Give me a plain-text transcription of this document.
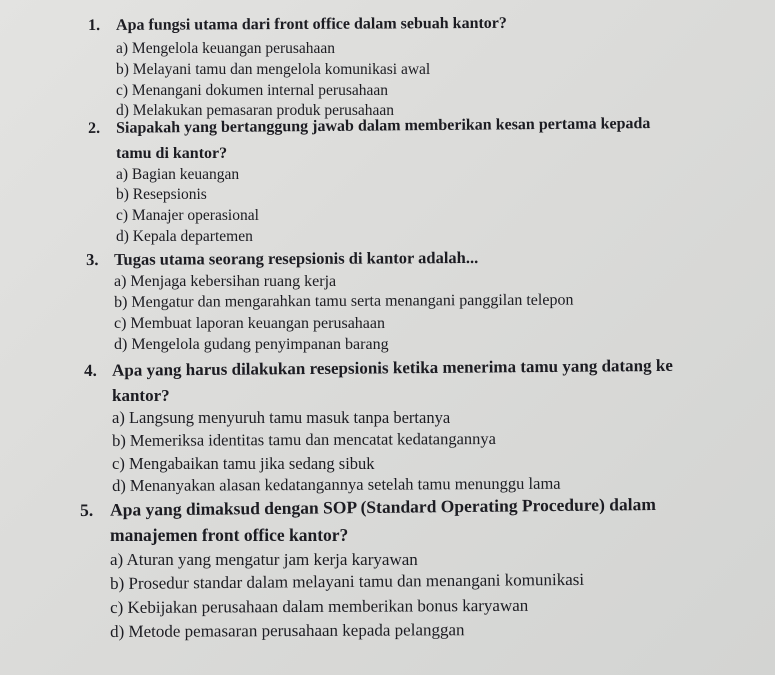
1. Apa fungsi utama dari front office dalam sebuah kantor?
a) Mengelola keuangan perusahaan
b) Melayani tamu dan mengelola komunikasi awal
c) Menangani dokumen internal perusahaan
d) Melakukan pemasaran produk perusahaan
2. Siapakah yang bertanggung jawab dalam memberikan kesan pertama kepada
tamu di kantor?
a) Bagian keuangan
b) Resepsionis
c) Manajer operasional
d) Kepala departemen
3. Tugas utama seorang resepsionis di kantor adalah...
a) Menjaga kebersihan ruang kerja
b) Mengatur dan mengarahkan tamu serta menangani panggilan telepon
c) Membuat laporan keuangan perusahaan
d) Mengelola gudang penyimpanan barang
4. Apa yang harus dilakukan resepsionis ketika menerima tamu yang datang ke
kantor?
a) Langsung menyuruh tamu masuk tanpa bertanya
b) Memeriksa identitas tamu dan mencatat kedatangannya
c) Mengabaikan tamu jika sedang sibuk
d) Menanyakan alasan kedatangannya setelah tamu menunggu lama
5. Apa yang dimaksud dengan SOP (Standard Operating Procedure) dalam
manajemen front office kantor?
a) Aturan yang mengatur jam kerja karyawan
b) Prosedur standar dalam melayani tamu dan menangani komunikasi
c) Kebijakan perusahaan dalam memberikan bonus karyawan
d) Metode pemasaran perusahaan kepada pelanggan
